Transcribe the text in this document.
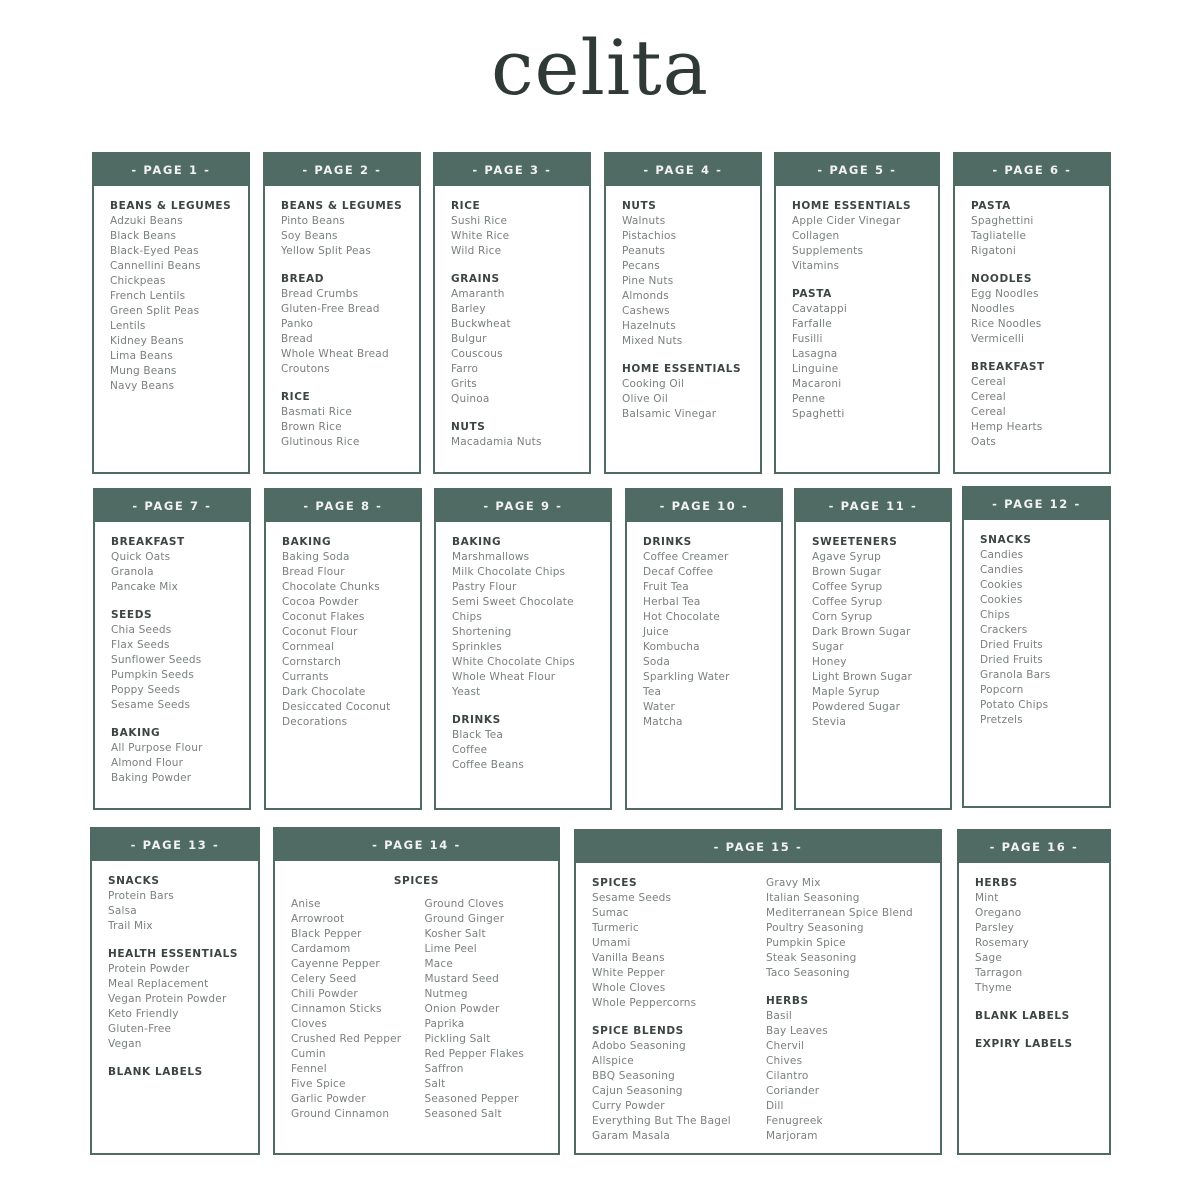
celita
- PAGE 1 -
BEANS & LEGUMES
Adzuki Beans
Black Beans
Black-Eyed Peas
Cannellini Beans
Chickpeas
French Lentils
Green Split Peas
Lentils
Kidney Beans
Lima Beans
Mung Beans
Navy Beans
- PAGE 2 -
BEANS & LEGUMES
Pinto Beans
Soy Beans
Yellow Split Peas
BREAD
Bread Crumbs
Gluten-Free Bread
Panko
Bread
Whole Wheat Bread
Croutons
RICE
Basmati Rice
Brown Rice
Glutinous Rice
- PAGE 3 -
RICE
Sushi Rice
White Rice
Wild Rice
GRAINS
Amaranth
Barley
Buckwheat
Bulgur
Couscous
Farro
Grits
Quinoa
NUTS
Macadamia Nuts
- PAGE 4 -
NUTS
Walnuts
Pistachios
Peanuts
Pecans
Pine Nuts
Almonds
Cashews
Hazelnuts
Mixed Nuts
HOME ESSENTIALS
Cooking Oil
Olive Oil
Balsamic Vinegar
- PAGE 5 -
HOME ESSENTIALS
Apple Cider Vinegar
Collagen
Supplements
Vitamins
PASTA
Cavatappi
Farfalle
Fusilli
Lasagna
Linguine
Macaroni
Penne
Spaghetti
- PAGE 6 -
PASTA
Spaghettini
Tagliatelle
Rigatoni
NOODLES
Egg Noodles
Noodles
Rice Noodles
Vermicelli
BREAKFAST
Cereal
Cereal
Cereal
Hemp Hearts
Oats
- PAGE 7 -
BREAKFAST
Quick Oats
Granola
Pancake Mix
SEEDS
Chia Seeds
Flax Seeds
Sunflower Seeds
Pumpkin Seeds
Poppy Seeds
Sesame Seeds
BAKING
All Purpose Flour
Almond Flour
Baking Powder
- PAGE 8 -
BAKING
Baking Soda
Bread Flour
Chocolate Chunks
Cocoa Powder
Coconut Flakes
Coconut Flour
Cornmeal
Cornstarch
Currants
Dark Chocolate
Desiccated Coconut
Decorations
- PAGE 9 -
BAKING
Marshmallows
Milk Chocolate Chips
Pastry Flour
Semi Sweet Chocolate
Chips
Shortening
Sprinkles
White Chocolate Chips
Whole Wheat Flour
Yeast
DRINKS
Black Tea
Coffee
Coffee Beans
- PAGE 10 -
DRINKS
Coffee Creamer
Decaf Coffee
Fruit Tea
Herbal Tea
Hot Chocolate
Juice
Kombucha
Soda
Sparkling Water
Tea
Water
Matcha
- PAGE 11 -
SWEETENERS
Agave Syrup
Brown Sugar
Coffee Syrup
Coffee Syrup
Corn Syrup
Dark Brown Sugar
Sugar
Honey
Light Brown Sugar
Maple Syrup
Powdered Sugar
Stevia
- PAGE 12 -
SNACKS
Candies
Candies
Cookies
Cookies
Chips
Crackers
Dried Fruits
Dried Fruits
Granola Bars
Popcorn
Potato Chips
Pretzels
- PAGE 13 -
SNACKS
Protein Bars
Salsa
Trail Mix
HEALTH ESSENTIALS
Protein Powder
Meal Replacement
Vegan Protein Powder
Keto Friendly
Gluten-Free
Vegan
BLANK LABELS
- PAGE 14 -
SPICES
Anise
Arrowroot
Black Pepper
Cardamom
Cayenne Pepper
Celery Seed
Chili Powder
Cinnamon Sticks
Cloves
Crushed Red Pepper
Cumin
Fennel
Five Spice
Garlic Powder
Ground Cinnamon
Ground Cloves
Ground Ginger
Kosher Salt
Lime Peel
Mace
Mustard Seed
Nutmeg
Onion Powder
Paprika
Pickling Salt
Red Pepper Flakes
Saffron
Salt
Seasoned Pepper
Seasoned Salt
- PAGE 15 -
SPICES
Sesame Seeds
Sumac
Turmeric
Umami
Vanilla Beans
White Pepper
Whole Cloves
Whole Peppercorns
SPICE BLENDS
Adobo Seasoning
Allspice
BBQ Seasoning
Cajun Seasoning
Curry Powder
Everything But The Bagel
Garam Masala
Gravy Mix
Italian Seasoning
Mediterranean Spice Blend
Poultry Seasoning
Pumpkin Spice
Steak Seasoning
Taco Seasoning
HERBS
Basil
Bay Leaves
Chervil
Chives
Cilantro
Coriander
Dill
Fenugreek
Marjoram
- PAGE 16 -
HERBS
Mint
Oregano
Parsley
Rosemary
Sage
Tarragon
Thyme
BLANK LABELS
EXPIRY LABELS
